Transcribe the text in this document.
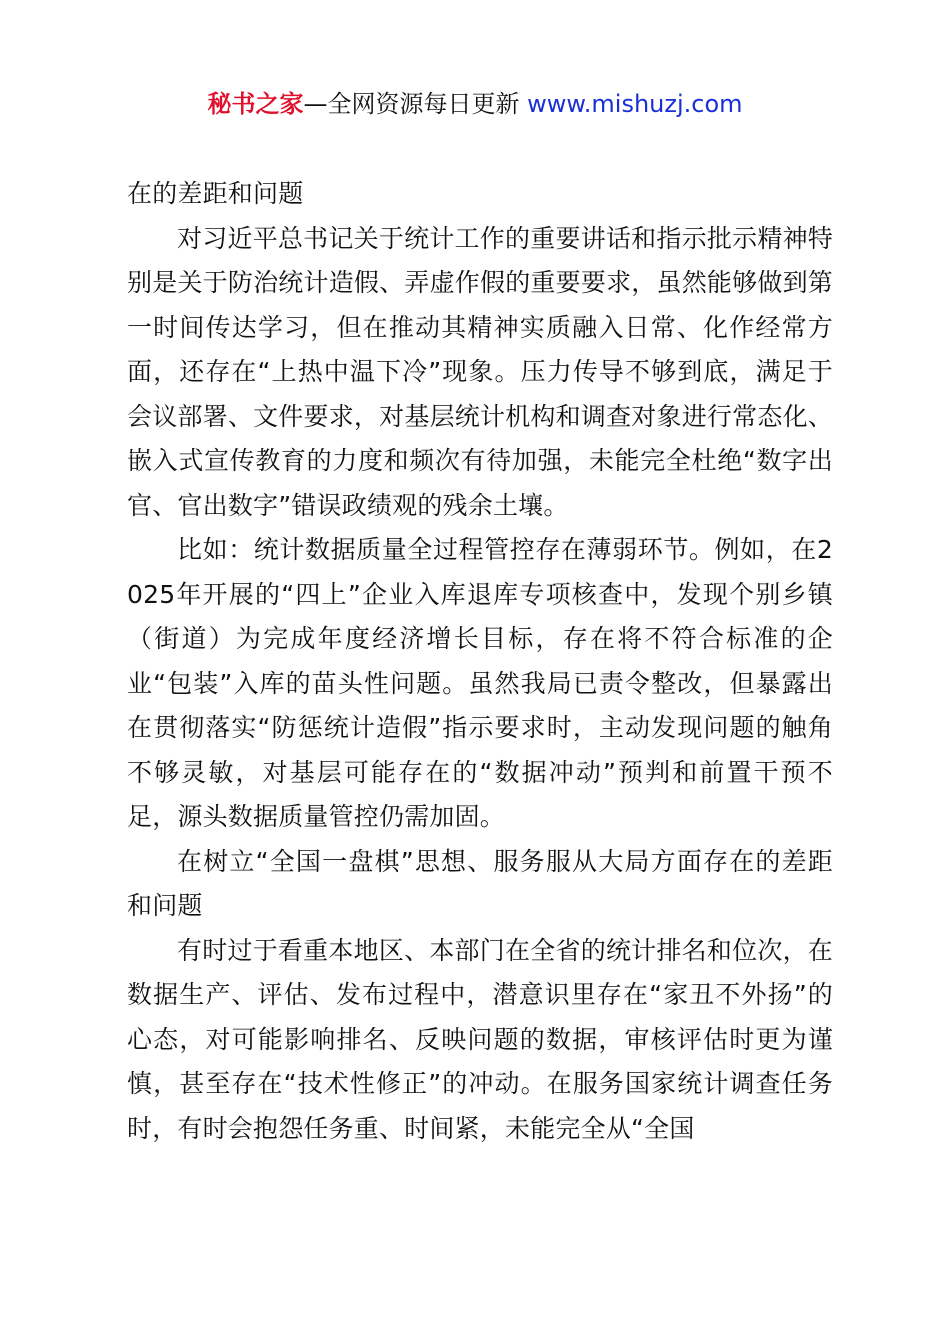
秘书之家—全网资源每日更新 www.mishuzj.com

在的差距和问题

对习近平总书记关于统计工作的重要讲话和指示批示精神特别是关于防治统计造假、弄虚作假的重要要求，虽然能够做到第一时间传达学习，但在推动其精神实质融入日常、化作经常方面，还存在“上热中温下冷”现象。压力传导不够到底，满足于会议部署、文件要求，对基层统计机构和调查对象进行常态化、嵌入式宣传教育的力度和频次有待加强，未能完全杜绝“数字出官、官出数字”错误政绩观的残余土壤。

比如：统计数据质量全过程管控存在薄弱环节。例如，在2025年开展的“四上”企业入库退库专项核查中，发现个别乡镇（街道）为完成年度经济增长目标，存在将不符合标准的企业“包装”入库的苗头性问题。虽然我局已责令整改，但暴露出在贯彻落实“防惩统计造假”指示要求时，主动发现问题的触角不够灵敏，对基层可能存在的“数据冲动”预判和前置干预不足，源头数据质量管控仍需加固。

在树立“全国一盘棋”思想、服务服从大局方面存在的差距和问题

有时过于看重本地区、本部门在全省的统计排名和位次，在数据生产、评估、发布过程中，潜意识里存在“家丑不外扬”的心态，对可能影响排名、反映问题的数据，审核评估时更为谨慎，甚至存在“技术性修正”的冲动。在服务国家统计调查任务时，有时会抱怨任务重、时间紧，未能完全从“全国
